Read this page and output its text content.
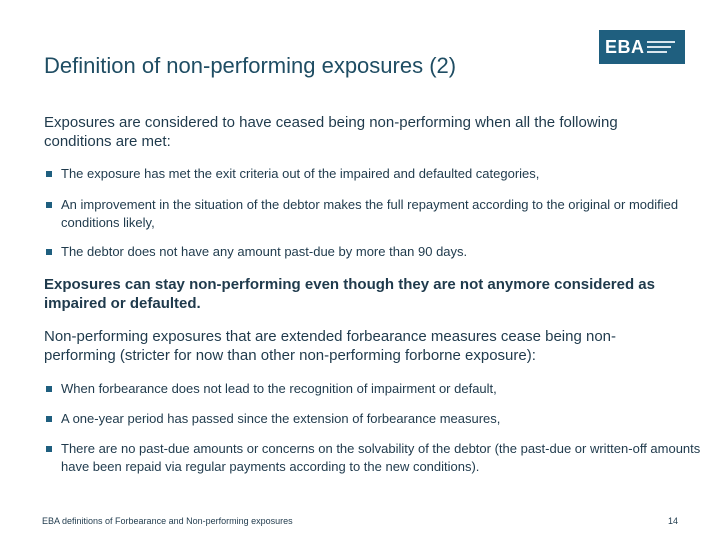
Definition of non-performing exposures (2)
EBA

Exposures are considered to have ceased being non-performing when all the following conditions are met:

The exposure has met the exit criteria out of the impaired and defaulted categories,

An improvement in the situation of the debtor makes the full repayment according to the original or modified conditions likely,

The debtor does not have any amount past-due by more than 90 days.

Exposures can stay non-performing even though they are not anymore considered as impaired or defaulted.

Non-performing exposures that are extended forbearance measures cease being non-performing (stricter for now than other non-performing forborne exposure):

When forbearance does not lead to the recognition of impairment or default,

A one-year period has passed since the extension of forbearance measures,

There are no past-due amounts or concerns on the solvability of the debtor (the past-due or written-off amounts have been repaid via regular payments according to the new conditions).

EBA definitions of Forbearance and Non-performing exposures	14
